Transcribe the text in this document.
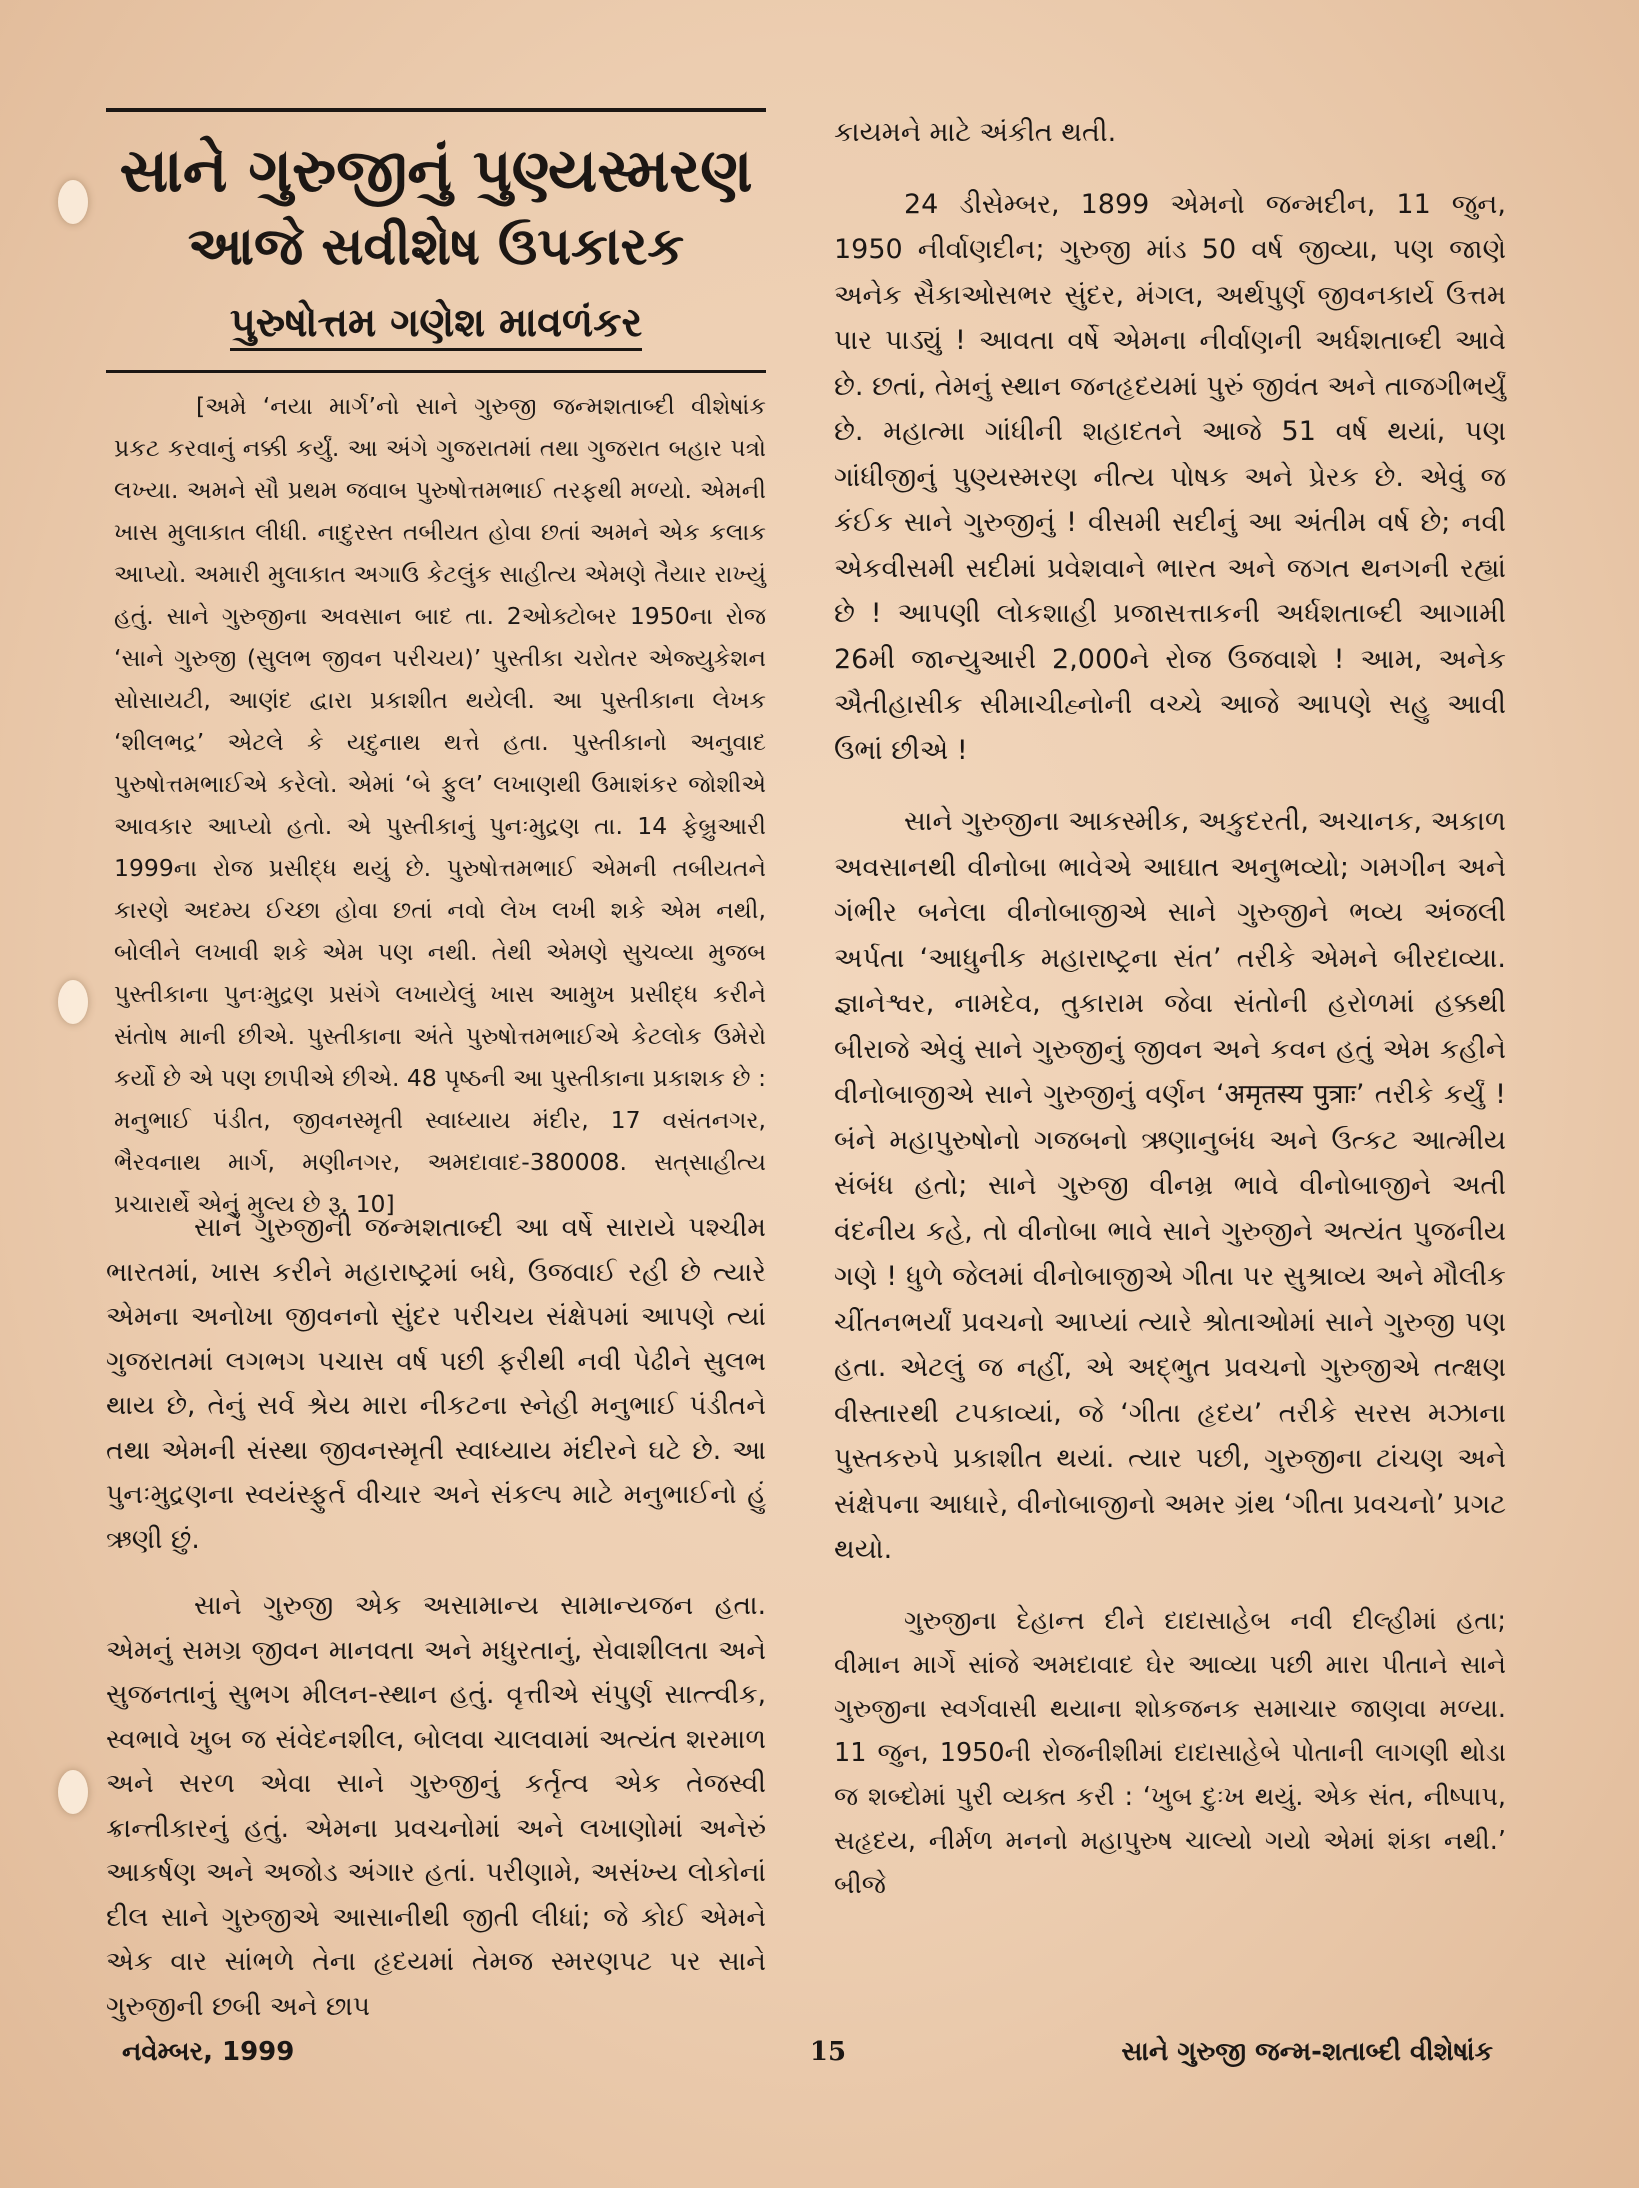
સાને ગુરુજીનું પુણ્યસ્મરણ
આજે સવીશેષ ઉપકારક
પુરુષોત્તમ ગણેશ માવળંકર

[અમે ‘નયા માર્ગ’નો સાને ગુરુજી જન્મશતાબ્દી વીશેષાંક પ્રકટ કરવાનું નક્કી કર્યું. આ અંગે ગુજરાતમાં તથા ગુજરાત બહાર પત્રો લખ્યા. અમને સૌ પ્રથમ જવાબ પુરુષોત્તમભાઈ તરફથી મળ્યો. એમની ખાસ મુલાકાત લીધી. નાદુરસ્ત તબીયત હોવા છતાં અમને એક કલાક આપ્યો. અમારી મુલાકાત અગાઉ કેટલુંક સાહીત્ય એમણે તૈયાર રાખ્યું હતું. સાને ગુરુજીના અવસાન બાદ તા. 2ઓક્ટોબર 1950ના રોજ ‘સાને ગુરુજી (સુલભ જીવન પરીચય)’ પુસ્તીકા ચરોતર એજ્યુકેશન સોસાયટી, આણંદ દ્વારા પ્રકાશીત થયેલી. આ પુસ્તીકાના લેખક ‘શીલભદ્ર’ એટલે કે યદુનાથ થત્તે હતા. પુસ્તીકાનો અનુવાદ પુરુષોત્તમભાઈએ કરેલો. એમાં ‘બે ફુલ’ લખાણથી ઉમાશંકર જોશીએ આવકાર આપ્યો હતો. એ પુસ્તીકાનું પુનઃમુદ્રણ તા. 14 ફેબ્રુઆરી 1999ના રોજ પ્રસીદ્ધ થયું છે. પુરુષોત્તમભાઈ એમની તબીયતને કારણે અદમ્ય ઈચ્છા હોવા છતાં નવો લેખ લખી શકે એમ નથી, બોલીને લખાવી શકે એમ પણ નથી. તેથી એમણે સુચવ્યા મુજબ પુસ્તીકાના પુનઃમુદ્રણ પ્રસંગે લખાયેલું ખાસ આમુખ પ્રસીદ્ધ કરીને સંતોષ માની છીએ. પુસ્તીકાના અંતે પુરુષોત્તમભાઈએ કેટલોક ઉમેરો કર્યો છે એ પણ છાપીએ છીએ. 48 પૃષ્ઠની આ પુસ્તીકાના પ્રકાશક છે : મનુભાઈ પંડીત, જીવનસ્મૃતી સ્વાધ્યાય મંદીર, 17 વસંતનગર, ભૈરવનાથ માર્ગ, મણીનગર, અમદાવાદ-380008. સત્‌સાહીત્ય પ્રચારાર્થે એનું મુલ્ય છે રૂ. 10]

સાને ગુરુજીની જન્મશતાબ્દી આ વર્ષે સારાયે પશ્ચીમ ભારતમાં, ખાસ કરીને મહારાષ્ટ્રમાં બધે, ઉજવાઈ રહી છે ત્યારે એમના અનોખા જીવનનો સુંદર પરીચય સંક્ષેપમાં આપણે ત્યાં ગુજરાતમાં લગભગ પચાસ વર્ષ પછી ફરીથી નવી પેઢીને સુલભ થાય છે, તેનું સર્વ શ્રેય મારા નીકટના સ્નેહી મનુભાઈ પંડીતને તથા એમની સંસ્થા જીવનસ્મૃતી સ્વાધ્યાય મંદીરને ઘટે છે. આ પુનઃમુદ્રણના સ્વયંસ્ફુર્ત વીચાર અને સંકલ્પ માટે મનુભાઈનો હું ઋણી છું.

સાને ગુરુજી એક અસામાન્ય સામાન્યજન હતા. એમનું સમગ્ર જીવન માનવતા અને મધુરતાનું, સેવાશીલતા અને સુજનતાનું સુભગ મીલન-સ્થાન હતું. વૃત્તીએ સંપુર્ણ સાત્ત્વીક, સ્વભાવે ખુબ જ સંવેદનશીલ, બોલવા ચાલવામાં અત્યંત શરમાળ અને સરળ એવા સાને ગુરુજીનું કર્તૃત્વ એક તેજસ્વી ક્રાન્તીકારનું હતું. એમના પ્રવચનોમાં અને લખાણોમાં અનેરું આકર્ષણ અને અજોડ અંગાર હતાં. પરીણામે, અસંખ્ય લોકોનાં દીલ સાને ગુરુજીએ આસાનીથી જીતી લીધાં; જે કોઈ એમને એક વાર સાંભળે તેના હૃદયમાં તેમજ સ્મરણપટ પર સાને ગુરુજીની છબી અને છાપ

કાયમને માટે અંકીત થતી.

24 ડીસેમ્બર, 1899 એમનો જન્મદીન, 11 જુન, 1950 નીર્વાણદીન; ગુરુજી માંડ 50 વર્ષ જીવ્યા, પણ જાણે અનેક સૈકાઓસભર સુંદર, મંગલ, અર્થપુર્ણ જીવનકાર્ય ઉત્તમ પાર પાડ્યું ! આવતા વર્ષે એમના નીર્વાણની અર્ધશતાબ્દી આવે છે. છતાં, તેમનું સ્થાન જનહૃદયમાં પુરું જીવંત અને તાજગીભર્યું છે. મહાત્મા ગાંધીની શહાદતને આજે 51 વર્ષ થયાં, પણ ગાંધીજીનું પુણ્યસ્મરણ નીત્ય પોષક અને પ્રેરક છે. એવું જ કંઈક સાને ગુરુજીનું ! વીસમી સદીનું આ અંતીમ વર્ષ છે; નવી એકવીસમી સદીમાં પ્રવેશવાને ભારત અને જગત થનગની રહ્યાં છે ! આપણી લોકશાહી પ્રજાસત્તાકની અર્ધશતાબ્દી આગામી 26મી જાન્યુઆરી 2,000ને રોજ ઉજવાશે ! આમ, અનેક ઐતીહાસીક સીમાચીહ્નોની વચ્ચે આજે આપણે સહુ આવી ઉભાં છીએ !

સાને ગુરુજીના આકસ્મીક, અકુદરતી, અચાનક, અકાળ અવસાનથી વીનોબા ભાવેએ આઘાત અનુભવ્યો; ગમગીન અને ગંભીર બનેલા વીનોબાજીએ સાને ગુરુજીને ભવ્ય અંજલી અર્પતા ‘આધુનીક મહારાષ્ટ્રના સંત’ તરીકે એમને બીરદાવ્યા. જ્ઞાનેશ્વર, નામદેવ, તુકારામ જેવા સંતોની હરોળમાં હક્કથી બીરાજે એવું સાને ગુરુજીનું જીવન અને કવન હતું એમ કહીને વીનોબાજીએ સાને ગુરુજીનું વર્ણન ‘अमृतस्य पुत्राः’ તરીકે કર્યું ! બંને મહાપુરુષોનો ગજબનો ઋણાનુબંધ અને ઉત્કટ આત્મીય સંબંધ હતો; સાને ગુરુજી વીનમ્ર ભાવે વીનોબાજીને અતી વંદનીય કહે, તો વીનોબા ભાવે સાને ગુરુજીને અત્યંત પુજનીય ગણે ! ધુળે જેલમાં વીનોબાજીએ ગીતા પર સુશ્રાવ્ય અને મૌલીક ચીંતનભર્યાં પ્રવચનો આપ્યાં ત્યારે શ્રોતાઓમાં સાને ગુરુજી પણ હતા. એટલું જ નહીં, એ અદ્‌ભુત પ્રવચનો ગુરુજીએ તત્ક્ષણ વીસ્તારથી ટપકાવ્યાં, જે ‘ગીતા હૃદય’ તરીકે સરસ મઝાના પુસ્તકરુપે પ્રકાશીત થયાં. ત્યાર પછી, ગુરુજીના ટાંચણ અને સંક્ષેપના આધારે, વીનોબાજીનો અમર ગ્રંથ ‘ગીતા પ્રવચનો’ પ્રગટ થયો.

ગુરુજીના દેહાન્ત દીને દાદાસાહેબ નવી દીલ્હીમાં હતા; વીમાન માર્ગે સાંજે અમદાવાદ ઘેર આવ્યા પછી મારા પીતાને સાને ગુરુજીના સ્વર્ગવાસી થયાના શોકજનક સમાચાર જાણવા મળ્યા. 11 જુન, 1950ની રોજનીશીમાં દાદાસાહેબે પોતાની લાગણી થોડા જ શબ્દોમાં પુરી વ્યક્ત કરી : ‘ખુબ દુઃખ થયું. એક સંત, નીષ્પાપ, સહૃદય, નીર્મળ મનનો મહાપુરુષ ચાલ્યો ગયો એમાં શંકા નથી.’ બીજે

નવેમ્બર, 1999	15	સાને ગુરુજી જન્મ-શતાબ્દી વીશેષાંક
